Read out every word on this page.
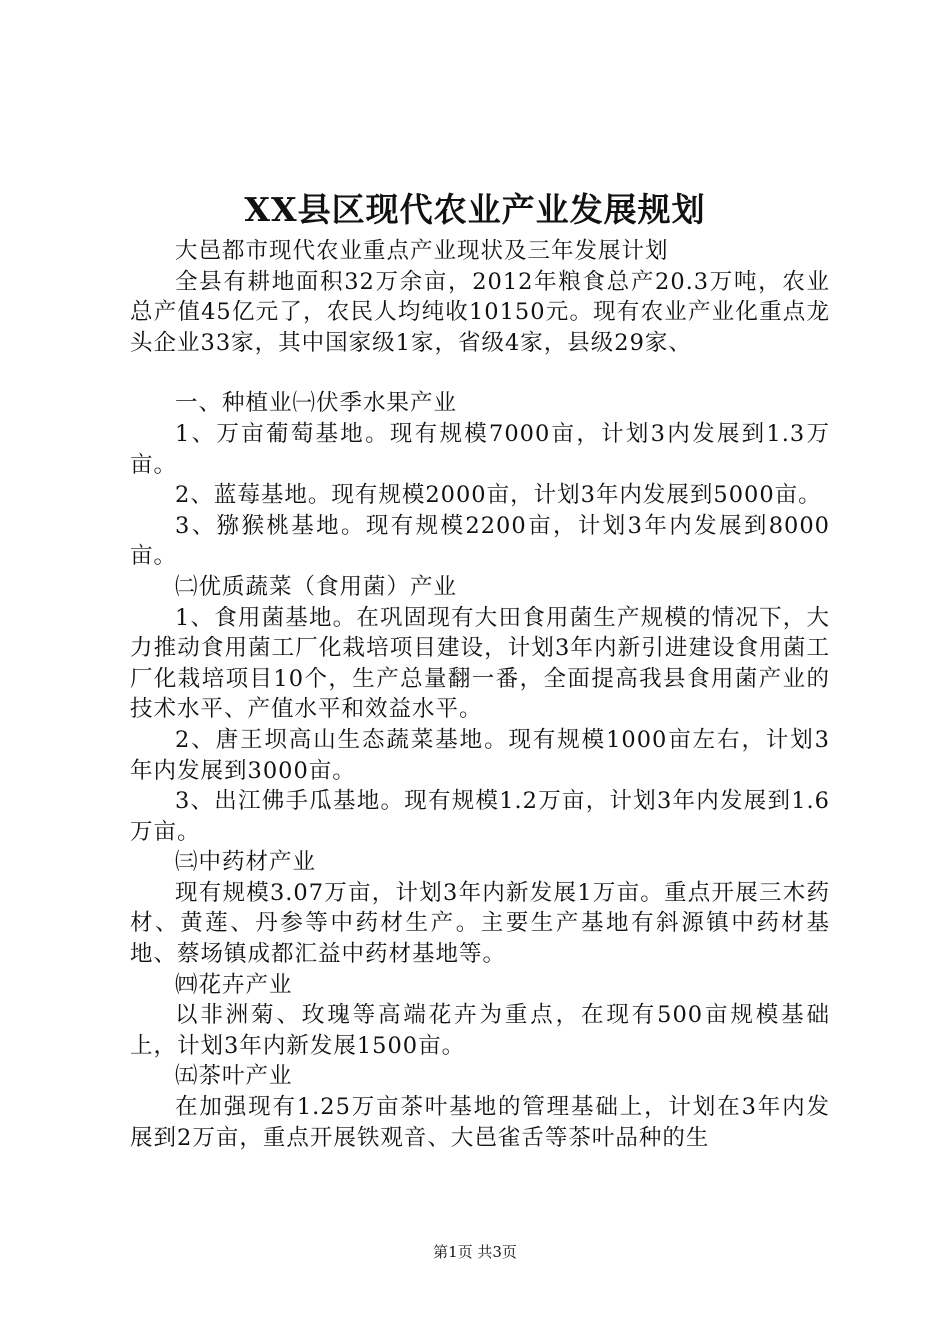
XX县区现代农业产业发展规划

大邑都市现代农业重点产业现状及三年发展计划

全县有耕地面积32万余亩，2012年粮食总产20.3万吨，农业总产值45亿元了，农民人均纯收10150元。现有农业产业化重点龙头企业33家，其中国家级1家，省级4家，县级29家、

一、种植业㈠伏季水果产业

1、万亩葡萄基地。现有规模7000亩，计划3内发展到1.3万亩。

2、蓝莓基地。现有规模2000亩，计划3年内发展到5000亩。

3、猕猴桃基地。现有规模2200亩，计划3年内发展到8000亩。

㈡优质蔬菜（食用菌）产业

1、食用菌基地。在巩固现有大田食用菌生产规模的情况下，大力推动食用菌工厂化栽培项目建设，计划3年内新引进建设食用菌工厂化栽培项目10个，生产总量翻一番，全面提高我县食用菌产业的技术水平、产值水平和效益水平。

2、唐王坝高山生态蔬菜基地。现有规模1000亩左右，计划3年内发展到3000亩。

3、出江佛手瓜基地。现有规模1.2万亩，计划3年内发展到1.6万亩。

㈢中药材产业

现有规模3.07万亩，计划3年内新发展1万亩。重点开展三木药材、黄莲、丹参等中药材生产。主要生产基地有斜源镇中药材基地、蔡场镇成都汇益中药材基地等。

㈣花卉产业

以非洲菊、玫瑰等高端花卉为重点，在现有500亩规模基础上，计划3年内新发展1500亩。

㈤茶叶产业

在加强现有1.25万亩茶叶基地的管理基础上，计划在3年内发展到2万亩，重点开展铁观音、大邑雀舌等茶叶品种的生

第1页 共3页
